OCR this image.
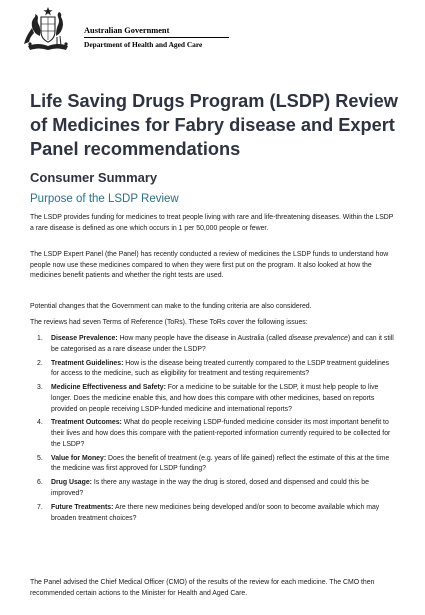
Australian Government
Department of Health and Aged Care
Life Saving Drugs Program (LSDP) Review of Medicines for Fabry disease and Expert Panel recommendations
Consumer Summary
Purpose of the LSDP Review

The LSDP provides funding for medicines to treat people living with rare and life-threatening diseases. Within the LSDP a rare disease is defined as one which occurs in 1 per 50,000 people or fewer.

The LSDP Expert Panel (the Panel) has recently conducted a review of medicines the LSDP funds to understand how people now use these medicines compared to when they were first put on the program. It also looked at how the medicines benefit patients and whether the right tests are used.

Potential changes that the Government can make to the funding criteria are also considered.

The reviews had seven Terms of Reference (ToRs). These ToRs cover the following issues:

1. Disease Prevalence: How many people have the disease in Australia (called disease prevalence) and can it still be categorised as a rare disease under the LSDP?
2. Treatment Guidelines: How is the disease being treated currently compared to the LSDP treatment guidelines for access to the medicine, such as eligibility for treatment and testing requirements?
3. Medicine Effectiveness and Safety: For a medicine to be suitable for the LSDP, it must help people to live longer. Does the medicine enable this, and how does this compare with other medicines, based on reports provided on people receiving LSDP-funded medicine and international reports?
4. Treatment Outcomes: What do people receiving LSDP-funded medicine consider its most important benefit to their lives and how does this compare with the patient-reported information currently required to be collected for the LSDP?
5. Value for Money: Does the benefit of treatment (e.g. years of life gained) reflect the estimate of this at the time the medicine was first approved for LSDP funding?
6. Drug Usage: Is there any wastage in the way the drug is stored, dosed and dispensed and could this be improved?
7. Future Treatments: Are there new medicines being developed and/or soon to become available which may broaden treatment choices?

The Panel advised the Chief Medical Officer (CMO) of the results of the review for each medicine. The CMO then recommended certain actions to the Minister for Health and Aged Care.
